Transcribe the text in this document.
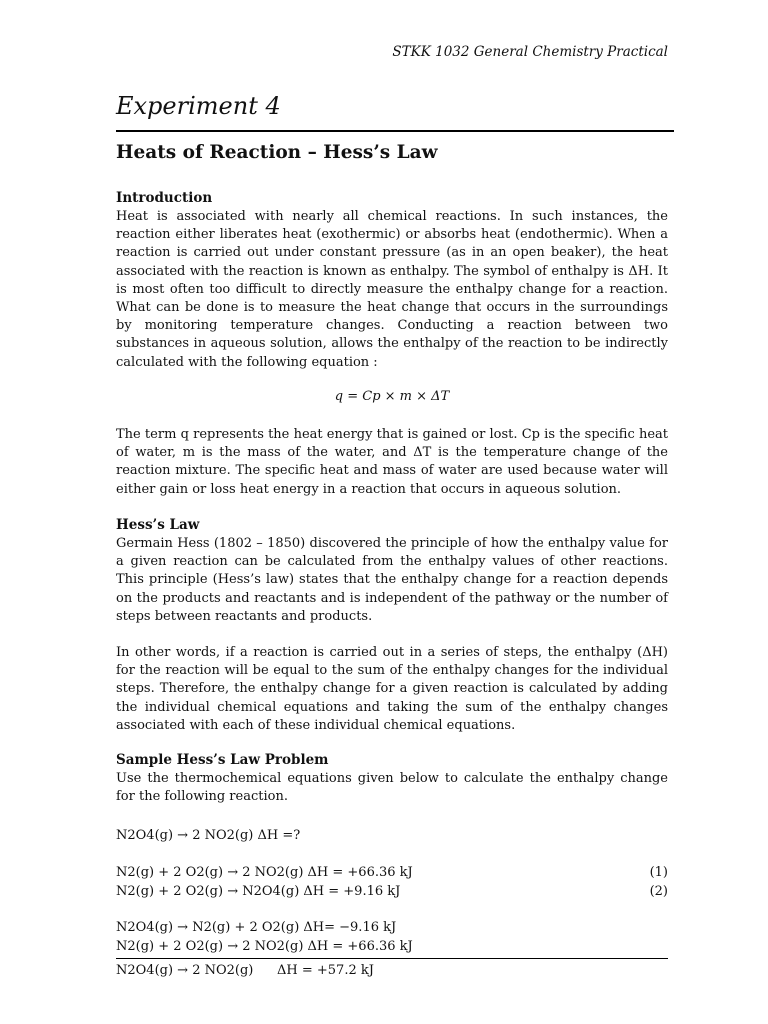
STKK 1032 General Chemistry Practical
Experiment 4
Heats of Reaction – Hess’s Law
Introduction
Heat is associated with nearly all chemical reactions. In such instances, the reaction either liberates heat (exothermic) or absorbs heat (endothermic). When a reaction is carried out under constant pressure (as in an open beaker), the heat associated with the reaction is known as enthalpy. The symbol of enthalpy is ΔH. It is most often too difficult to directly measure the enthalpy change for a reaction. What can be done is to measure the heat change that occurs in the surroundings by monitoring temperature changes. Conducting a reaction between two substances in aqueous solution, allows the enthalpy of the reaction to be indirectly calculated with the following equation :
q = Cp × m × ΔT
The term q represents the heat energy that is gained or lost. Cp is the specific heat of water, m is the mass of the water, and ΔT is the temperature change of the reaction mixture. The specific heat and mass of water are used because water will either gain or loss heat energy in a reaction that occurs in aqueous solution.
Hess’s Law
Germain Hess (1802 – 1850) discovered the principle of how the enthalpy value for a given reaction can be calculated from the enthalpy values of other reactions. This principle (Hess’s law) states that the enthalpy change for a reaction depends on the products and reactants and is independent of the pathway or the number of steps between reactants and products.
In other words, if a reaction is carried out in a series of steps, the enthalpy (ΔH) for the reaction will be equal to the sum of the enthalpy changes for the individual steps. Therefore, the enthalpy change for a given reaction is calculated by adding the individual chemical equations and taking the sum of the enthalpy changes associated with each of these individual chemical equations.
Sample Hess’s Law Problem
Use the thermochemical equations given below to calculate the enthalpy change for the following reaction.
N2O4(g) → 2 NO2(g) ΔH =?
N2(g) + 2 O2(g) → 2 NO2(g) ΔH = +66.36 kJ	(1)
N2(g) + 2 O2(g) → N2O4(g) ΔH = +9.16 kJ	(2)
N2O4(g) → N2(g) + 2 O2(g) ΔH= −9.16 kJ
N2(g) + 2 O2(g) → 2 NO2(g) ΔH = +66.36 kJ
N2O4(g) → 2 NO2(g) ΔH = +57.2 kJ
